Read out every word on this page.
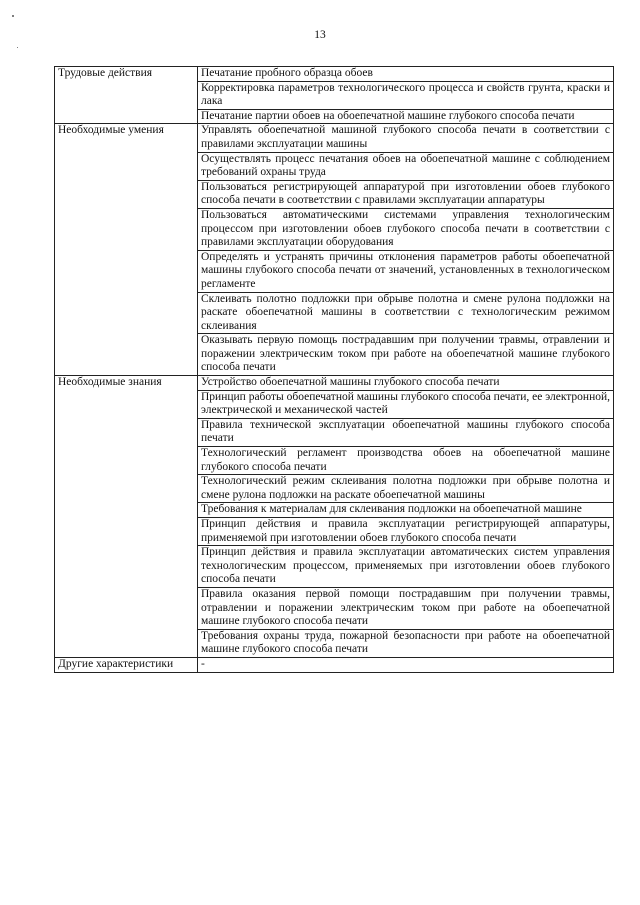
13
Трудовые действия	Печатание пробного образца обоев
	Корректировка параметров технологического процесса и свойств грунта, краски и лака
	Печатание партии обоев на обоепечатной машине глубокого способа печати
Необходимые умения	Управлять обоепечатной машиной глубокого способа печати в соответствии с правилами эксплуатации машины
	Осуществлять процесс печатания обоев на обоепечатной машине с соблюдением требований охраны труда
	Пользоваться регистрирующей аппаратурой при изготовлении обоев глубокого способа печати в соответствии с правилами эксплуатации аппаратуры
	Пользоваться автоматическими системами управления технологическим процессом при изготовлении обоев глубокого способа печати в соответствии с правилами эксплуатации оборудования
	Определять и устранять причины отклонения параметров работы обоепечатной машины глубокого способа печати от значений, установленных в технологическом регламенте
	Склеивать полотно подложки при обрыве полотна и смене рулона подложки на раскате обоепечатной машины в соответствии с технологическим режимом склеивания
	Оказывать первую помощь пострадавшим при получении травмы, отравлении и поражении электрическим током при работе на обоепечатной машине глубокого способа печати
Необходимые знания	Устройство обоепечатной машины глубокого способа печати
	Принцип работы обоепечатной машины глубокого способа печати, ее электронной, электрической и механической частей
	Правила технической эксплуатации обоепечатной машины глубокого способа печати
	Технологический регламент производства обоев на обоепечатной машине глубокого способа печати
	Технологический режим склеивания полотна подложки при обрыве полотна и смене рулона подложки на раскате обоепечатной машины
	Требования к материалам для склеивания подложки на обоепечатной машине
	Принцип действия и правила эксплуатации регистрирующей аппаратуры, применяемой при изготовлении обоев глубокого способа печати
	Принцип действия и правила эксплуатации автоматических систем управления технологическим процессом, применяемых при изготовлении обоев глубокого способа печати
	Правила оказания первой помощи пострадавшим при получении травмы, отравлении и поражении электрическим током при работе на обоепечатной машине глубокого способа печати
	Требования охраны труда, пожарной безопасности при работе на обоепечатной машине глубокого способа печати
Другие характеристики	-
